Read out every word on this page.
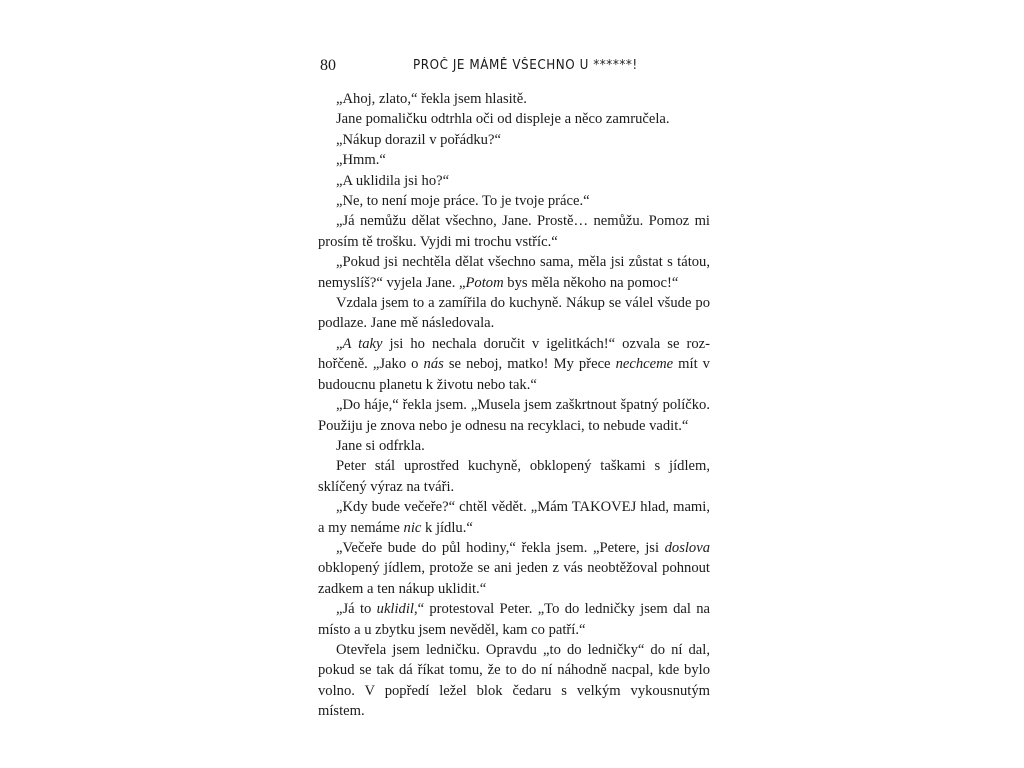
80	PROČ JE MÁMĚ VŠECHNO U ******!

„Ahoj, zlato,“ řekla jsem hlasitě.

Jane pomaličku odtrhla oči od displeje a něco zamručela.

„Nákup dorazil v pořádku?“

„Hmm.“

„A uklidila jsi ho?“

„Ne, to není moje práce. To je tvoje práce.“

„Já nemůžu dělat všechno, Jane. Prostě… nemůžu. Pomoz mi prosím tě trošku. Vyjdi mi trochu vstříc.“

„Pokud jsi nechtěla dělat všechno sama, měla jsi zůstat s tátou, nemyslíš?“ vyjela Jane. „Potom bys měla někoho na pomoc!“

Vzdala jsem to a zamířila do kuchyně. Nákup se válel všude po podlaze. Jane mě následovala.

„A taky jsi ho nechala doručit v igelitkách!“ ozvala se rozhořčeně. „Jako o nás se neboj, matko! My přece nechceme mít v budoucnu planetu k životu nebo tak.“

„Do háje,“ řekla jsem. „Musela jsem zaškrtnout špatný políčko. Použiju je znova nebo je odnesu na recyklaci, to nebude vadit.“

Jane si odfrkla.

Peter stál uprostřed kuchyně, obklopený taškami s jídlem, sklíčený výraz na tváři.

„Kdy bude večeře?“ chtěl vědět. „Mám TAKOVEJ hlad, mami, a my nemáme nic k jídlu.“

„Večeře bude do půl hodiny,“ řekla jsem. „Petere, jsi doslova obklopený jídlem, protože se ani jeden z vás neobtěžoval pohnout zadkem a ten nákup uklidit.“

„Já to uklidil,“ protestoval Peter. „To do ledničky jsem dal na místo a u zbytku jsem nevěděl, kam co patří.“

Otevřela jsem ledničku. Opravdu „to do ledničky“ do ní dal, pokud se tak dá říkat tomu, že to do ní náhodně nacpal, kde bylo volno. V popředí ležel blok čedaru s velkým vykousnutým místem.
